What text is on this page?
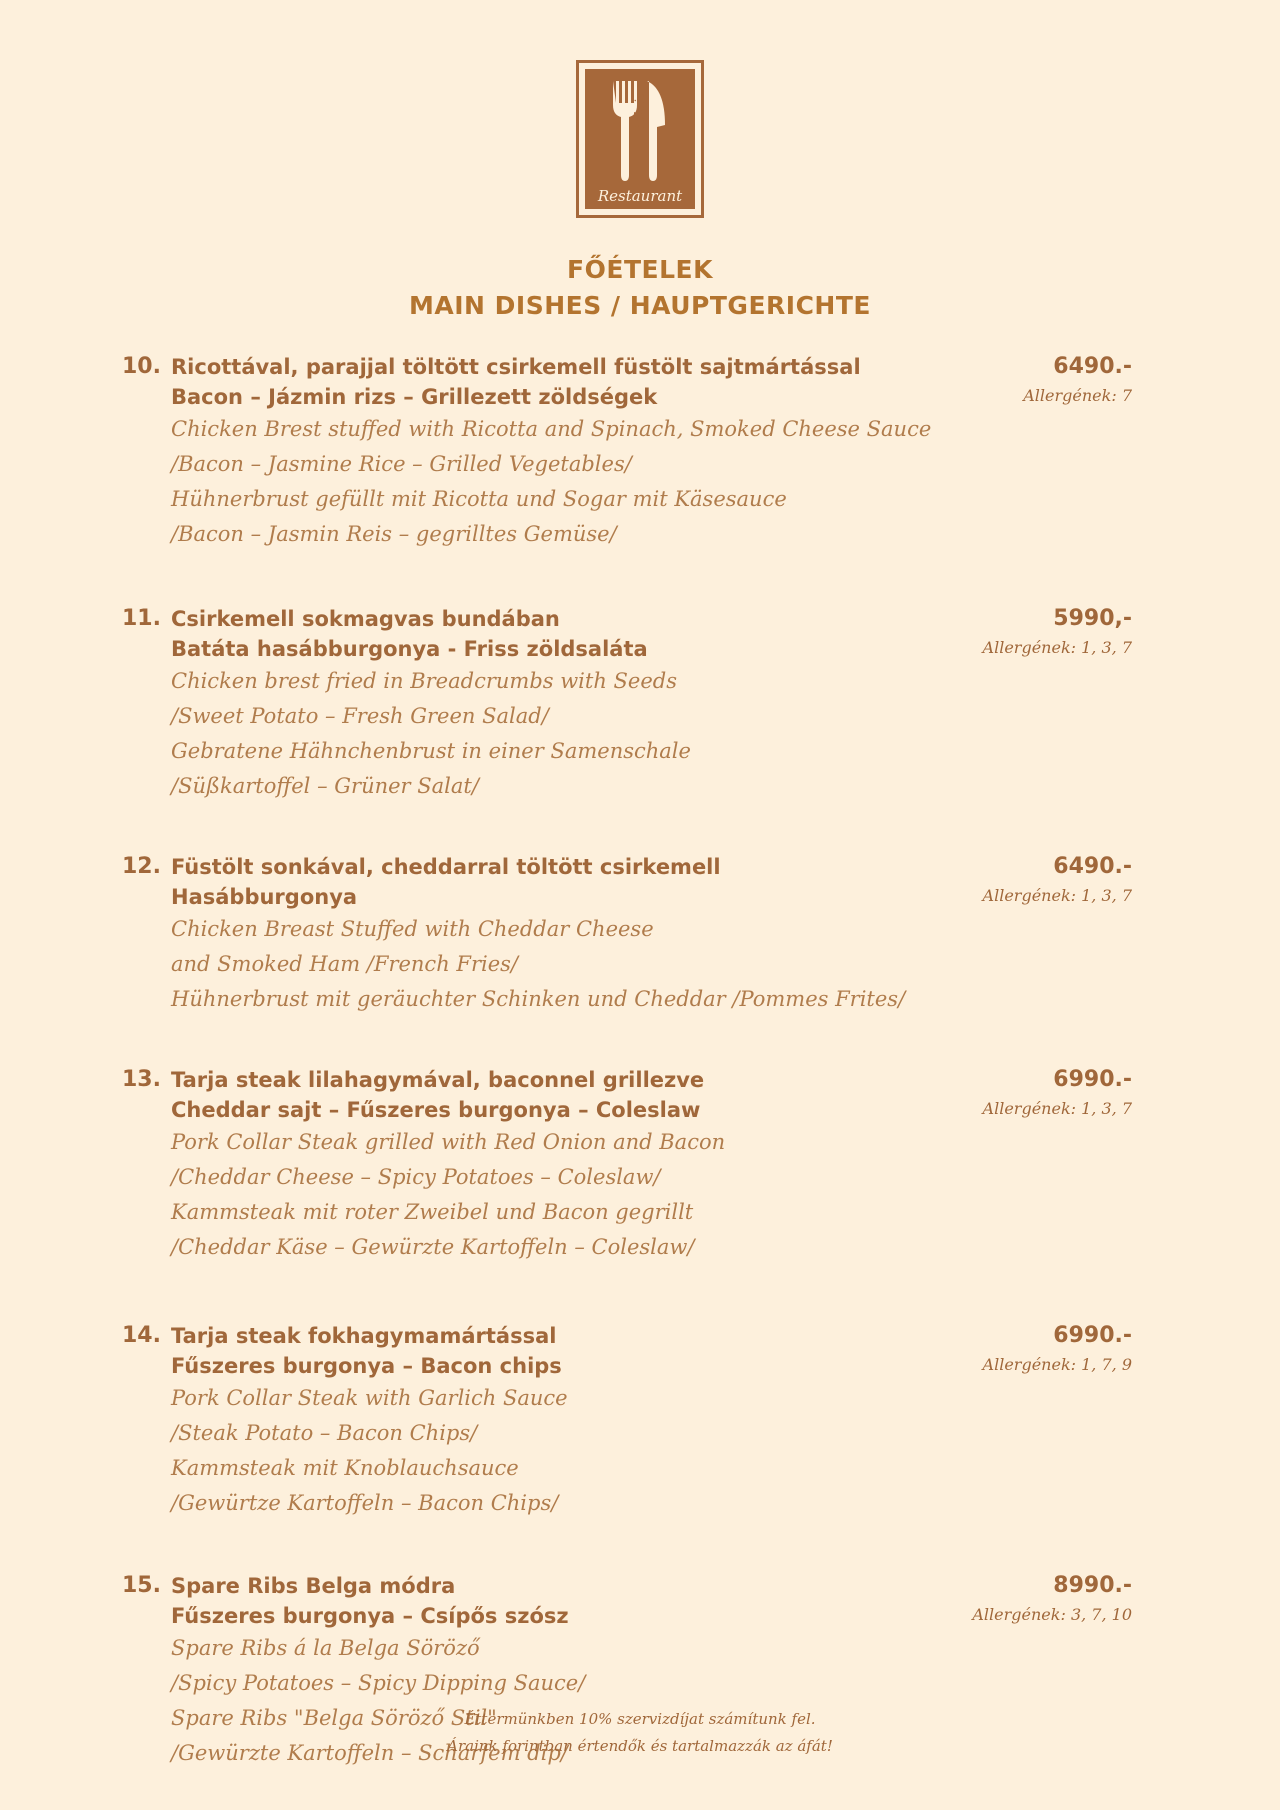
Belgian
Restaurant
FŐÉTELEK
MAIN DISHES / HAUPTGERICHTE
10. Ricottával, parajjal töltött csirkemell füstölt sajtmártással
Bacon – Jázmin rizs – Grillezett zöldségek
6490.-
Allergének: 7
Chicken Brest stuffed with Ricotta and Spinach, Smoked Cheese Sauce
/Bacon – Jasmine Rice – Grilled Vegetables/
Hühnerbrust gefüllt mit Ricotta und Sogar mit Käsesauce
/Bacon – Jasmin Reis – gegrilltes Gemüse/
11. Csirkemell sokmagvas bundában
Batáta hasábburgonya - Friss zöldsaláta
5990,-
Allergének: 1, 3, 7
Chicken brest fried in Breadcrumbs with Seeds
/Sweet Potato – Fresh Green Salad/
Gebratene Hähnchenbrust in einer Samenschale
/Süßkartoffel – Grüner Salat/
12. Füstölt sonkával, cheddarral töltött csirkemell
Hasábburgonya
6490.-
Allergének: 1, 3, 7
Chicken Breast Stuffed with Cheddar Cheese
and Smoked Ham /French Fries/
Hühnerbrust mit geräuchter Schinken und Cheddar /Pommes Frites/
13. Tarja steak lilahagymával, baconnel grillezve
Cheddar sajt – Fűszeres burgonya – Coleslaw
6990.-
Allergének: 1, 3, 7
Pork Collar Steak grilled with Red Onion and Bacon
/Cheddar Cheese – Spicy Potatoes – Coleslaw/
Kammsteak mit roter Zweibel und Bacon gegrillt
/Cheddar Käse – Gewürzte Kartoffeln – Coleslaw/
14. Tarja steak fokhagymamártással
Fűszeres burgonya – Bacon chips
6990.-
Allergének: 1, 7, 9
Pork Collar Steak with Garlich Sauce
/Steak Potato – Bacon Chips/
Kammsteak mit Knoblauchsauce
/Gewürtze Kartoffeln – Bacon Chips/
15. Spare Ribs Belga módra
Fűszeres burgonya – Csípős szósz
8990.-
Allergének: 3, 7, 10
Spare Ribs á la Belga Söröző
/Spicy Potatoes – Spicy Dipping Sauce/
Spare Ribs "Belga Söröző Stil"
/Gewürzte Kartoffeln – Scharfem dip/
Éttermünkben 10% szervizdíjat számítunk fel.
Áraink forintban értendők és tartalmazzák az áfát!
